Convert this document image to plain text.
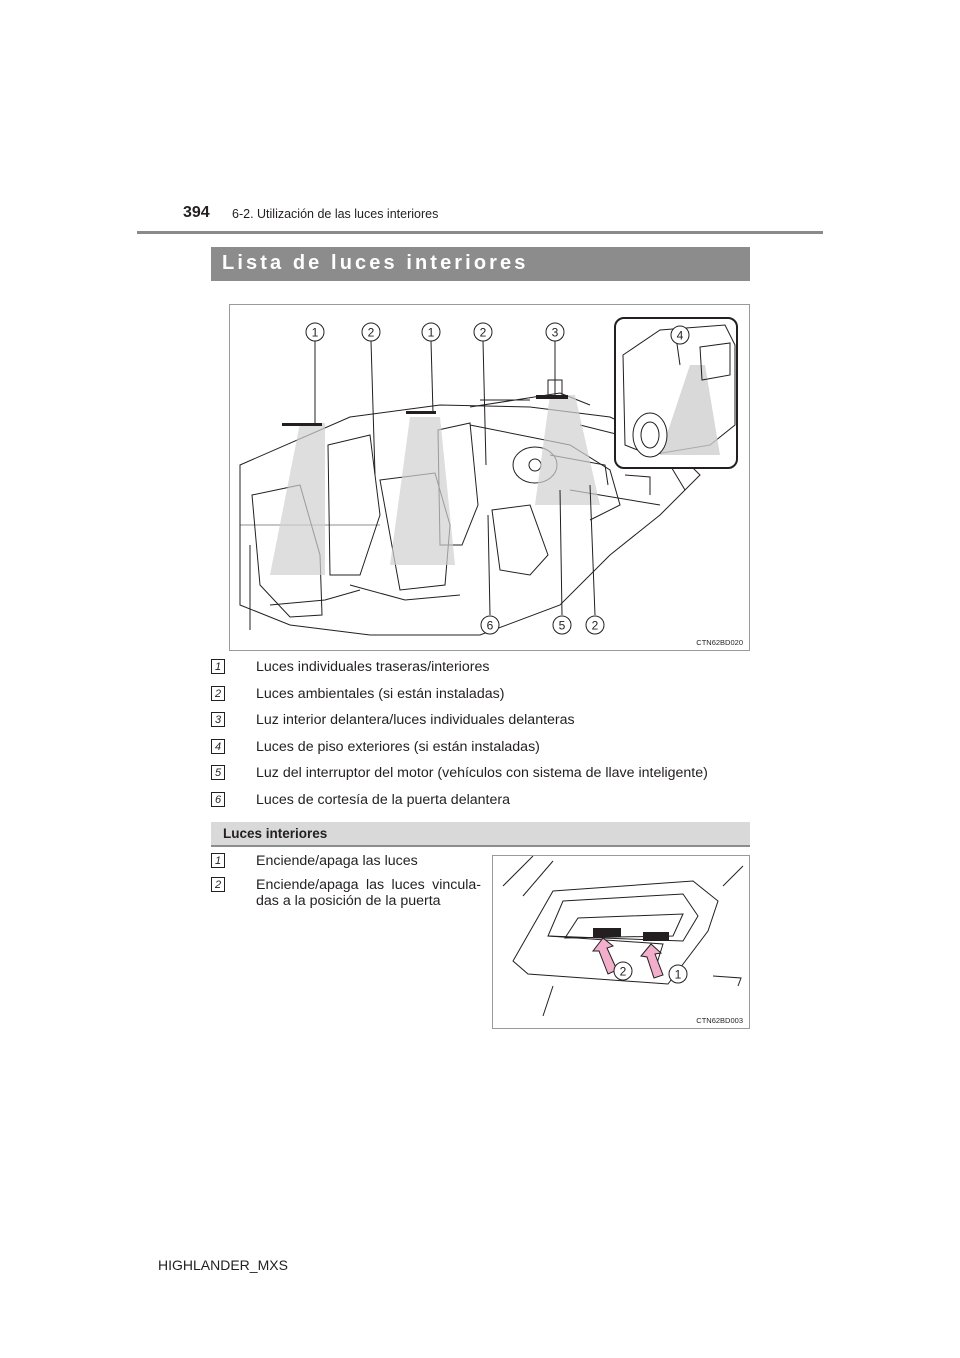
394 6-2. Utilización de las luces interiores
Lista de luces interiores
1	2	1	2	3
6	5 2
4
CTN62BD020
1 Luces individuales traseras/interiores
2 Luces ambientales (si están instaladas)
3 Luz interior delantera/luces individuales delanteras
4 Luces de piso exteriores (si están instaladas)
5 Luz del interruptor del motor (vehículos con sistema de llave inteligente)
6 Luces de cortesía de la puerta delantera
Luces interiores
1 Enciende/apaga las luces
2 Enciende/apaga las luces vincula-das a la posición de la puerta
2	1
CTN62BD003
HIGHLANDER_MXS
